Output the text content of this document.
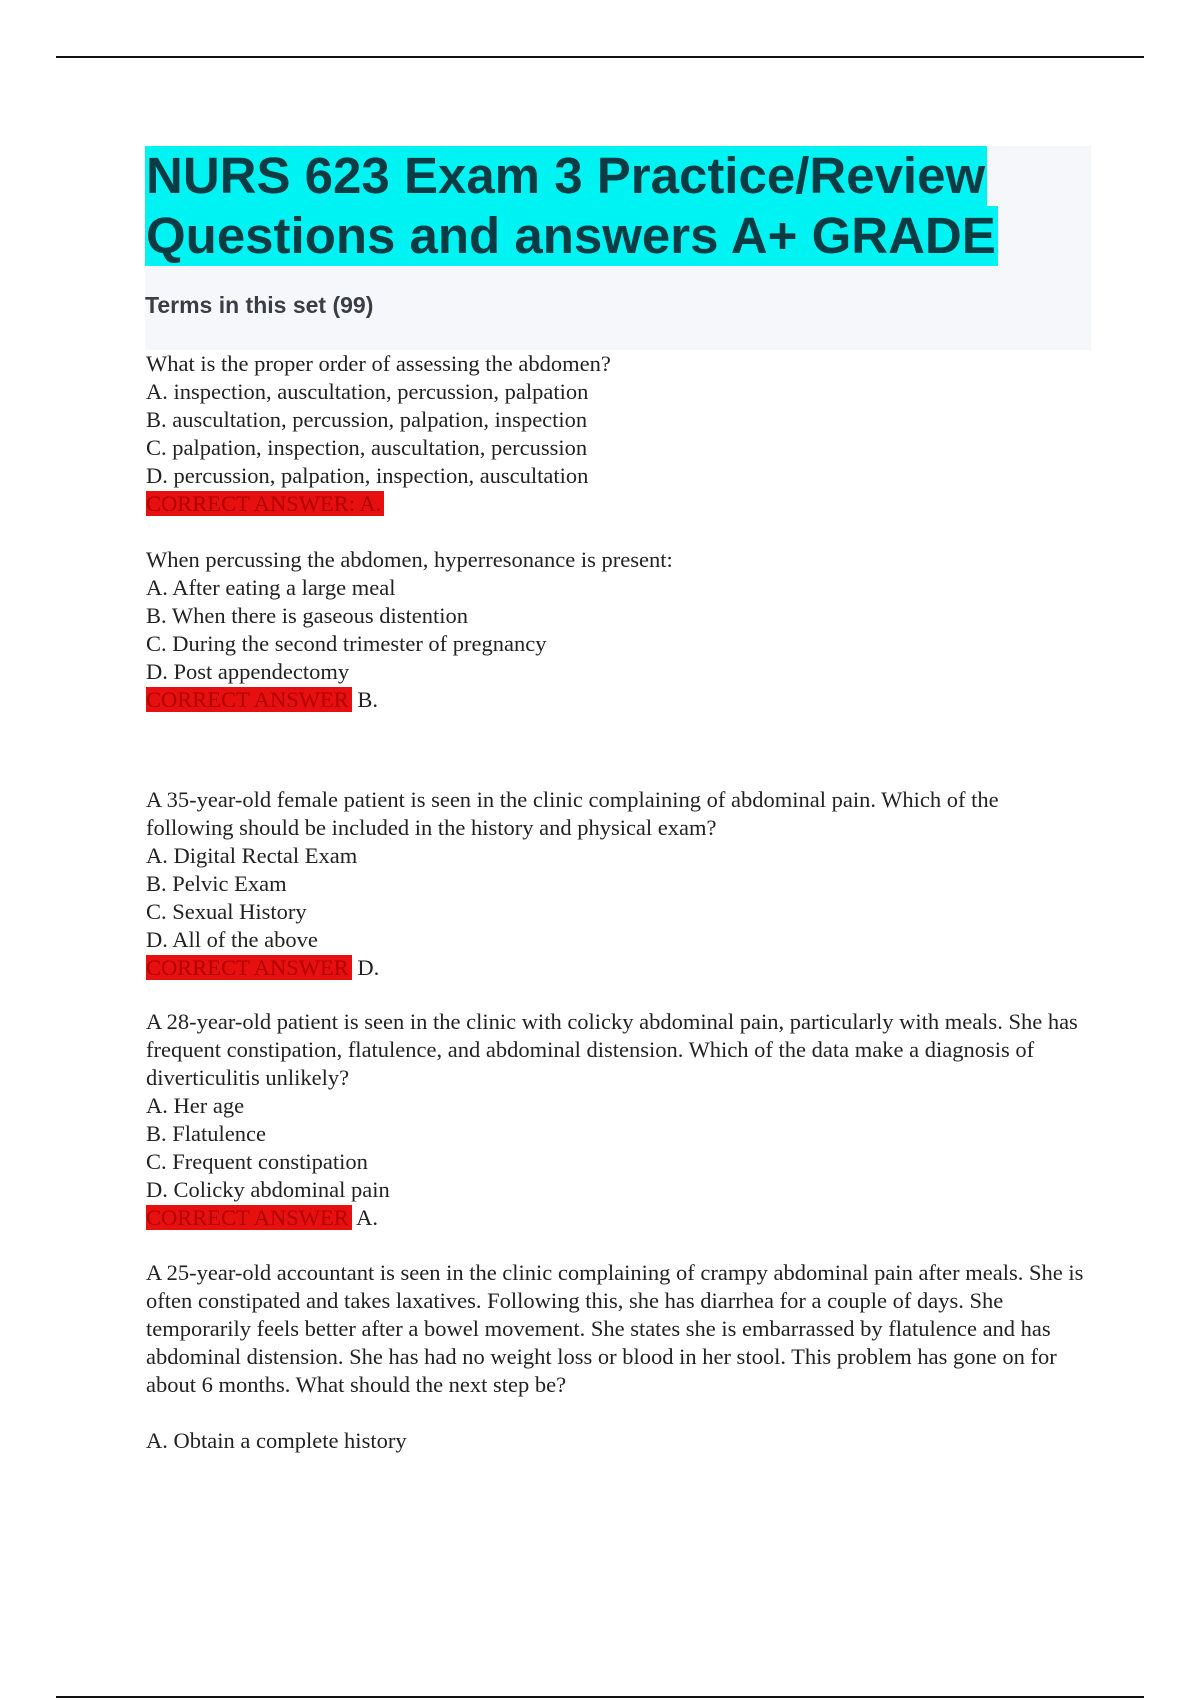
NURS 623 Exam 3 Practice/Review
Questions and answers A+ GRADE
Terms in this set (99)
What is the proper order of assessing the abdomen?
A. inspection, auscultation, percussion, palpation
B. auscultation, percussion, palpation, inspection
C. palpation, inspection, auscultation, percussion
D. percussion, palpation, inspection, auscultation
CORRECT ANSWER: A.
When percussing the abdomen, hyperresonance is present:
A. After eating a large meal
B. When there is gaseous distention
C. During the second trimester of pregnancy
D. Post appendectomy
CORRECT ANSWER B.
A 35-year-old female patient is seen in the clinic complaining of abdominal pain. Which of the following should be included in the history and physical exam?
A. Digital Rectal Exam
B. Pelvic Exam
C. Sexual History
D. All of the above
CORRECT ANSWER D.
A 28-year-old patient is seen in the clinic with colicky abdominal pain, particularly with meals. She has frequent constipation, flatulence, and abdominal distension. Which of the data make a diagnosis of diverticulitis unlikely?
A. Her age
B. Flatulence
C. Frequent constipation
D. Colicky abdominal pain
CORRECT ANSWER A.
A 25-year-old accountant is seen in the clinic complaining of crampy abdominal pain after meals. She is often constipated and takes laxatives. Following this, she has diarrhea for a couple of days. She temporarily feels better after a bowel movement. She states she is embarrassed by flatulence and has abdominal distension. She has had no weight loss or blood in her stool. This problem has gone on for about 6 months. What should the next step be?
A. Obtain a complete history
